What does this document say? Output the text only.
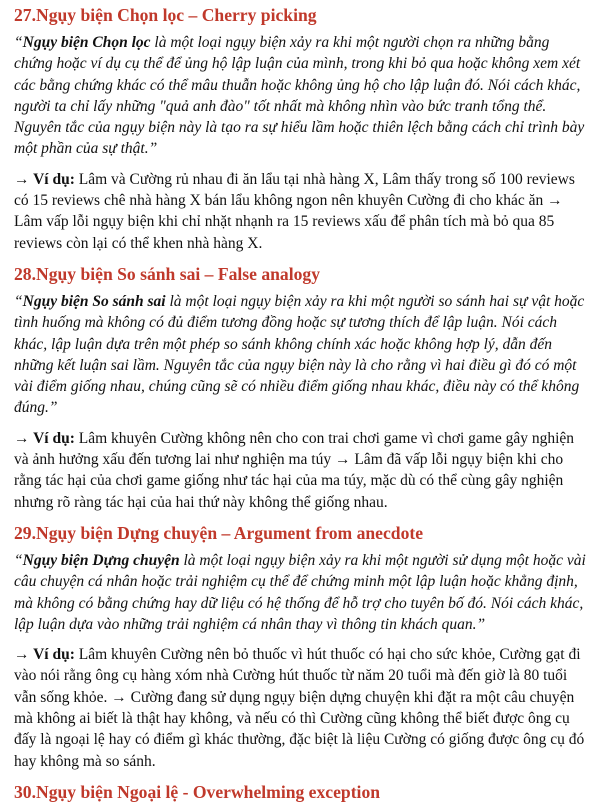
27.Ngụy biện Chọn lọc – Cherry picking

“Ngụy biện Chọn lọc là một loại ngụy biện xảy ra khi một người chọn ra những bằng chứng hoặc ví dụ cụ thể để ủng hộ lập luận của mình, trong khi bỏ qua hoặc không xem xét các bằng chứng khác có thể mâu thuẫn hoặc không ủng hộ cho lập luận đó. Nói cách khác, người ta chỉ lấy những "quả anh đào" tốt nhất mà không nhìn vào bức tranh tổng thể. Nguyên tắc của ngụy biện này là tạo ra sự hiểu lầm hoặc thiên lệch bằng cách chỉ trình bày một phần của sự thật.”

→ Ví dụ: Lâm và Cường rủ nhau đi ăn lẩu tại nhà hàng X, Lâm thấy trong số 100 reviews có 15 reviews chê nhà hàng X bán lẩu không ngon nên khuyên Cường đi cho khác ăn → Lâm vấp lỗi ngụy biện khi chỉ nhặt nhạnh ra 15 reviews xấu để phân tích mà bỏ qua 85 reviews còn lại có thể khen nhà hàng X.

28.Ngụy biện So sánh sai – False analogy

“Ngụy biện So sánh sai là một loại ngụy biện xảy ra khi một người so sánh hai sự vật hoặc tình huống mà không có đủ điểm tương đồng hoặc sự tương thích để lập luận. Nói cách khác, lập luận dựa trên một phép so sánh không chính xác hoặc không hợp lý, dẫn đến những kết luận sai lầm. Nguyên tắc của ngụy biện này là cho rằng vì hai điều gì đó có một vài điểm giống nhau, chúng cũng sẽ có nhiều điểm giống nhau khác, điều này có thể không đúng.”

→ Ví dụ: Lâm khuyên Cường không nên cho con trai chơi game vì chơi game gây nghiện và ảnh hưởng xấu đến tương lai như nghiện ma túy → Lâm đã vấp lỗi ngụy biện khi cho rằng tác hại của chơi game giống như tác hại của ma túy, mặc dù có thể cùng gây nghiện nhưng rõ ràng tác hại của hai thứ này không thể giống nhau.

29.Ngụy biện Dựng chuyện – Argument from anecdote

“Ngụy biện Dựng chuyện là một loại ngụy biện xảy ra khi một người sử dụng một hoặc vài câu chuyện cá nhân hoặc trải nghiệm cụ thể để chứng minh một lập luận hoặc khẳng định, mà không có bằng chứng hay dữ liệu có hệ thống để hỗ trợ cho tuyên bố đó. Nói cách khác, lập luận dựa vào những trải nghiệm cá nhân thay vì thông tin khách quan.”

→ Ví dụ: Lâm khuyên Cường nên bỏ thuốc vì hút thuốc có hại cho sức khỏe, Cường gạt đi vào nói rằng ông cụ hàng xóm nhà Cường hút thuốc từ năm 20 tuổi mà đến giờ là 80 tuổi vẫn sống khỏe. → Cường đang sử dụng ngụy biện dựng chuyện khi đặt ra một câu chuyện mà không ai biết là thật hay không, và nếu có thì Cường cũng không thể biết được ông cụ đấy là ngoại lệ hay có điểm gì khác thường, đặc biệt là liệu Cường có giống được ông cụ đó hay không mà so sánh.

30.Ngụy biện Ngoại lệ - Overwhelming exception
